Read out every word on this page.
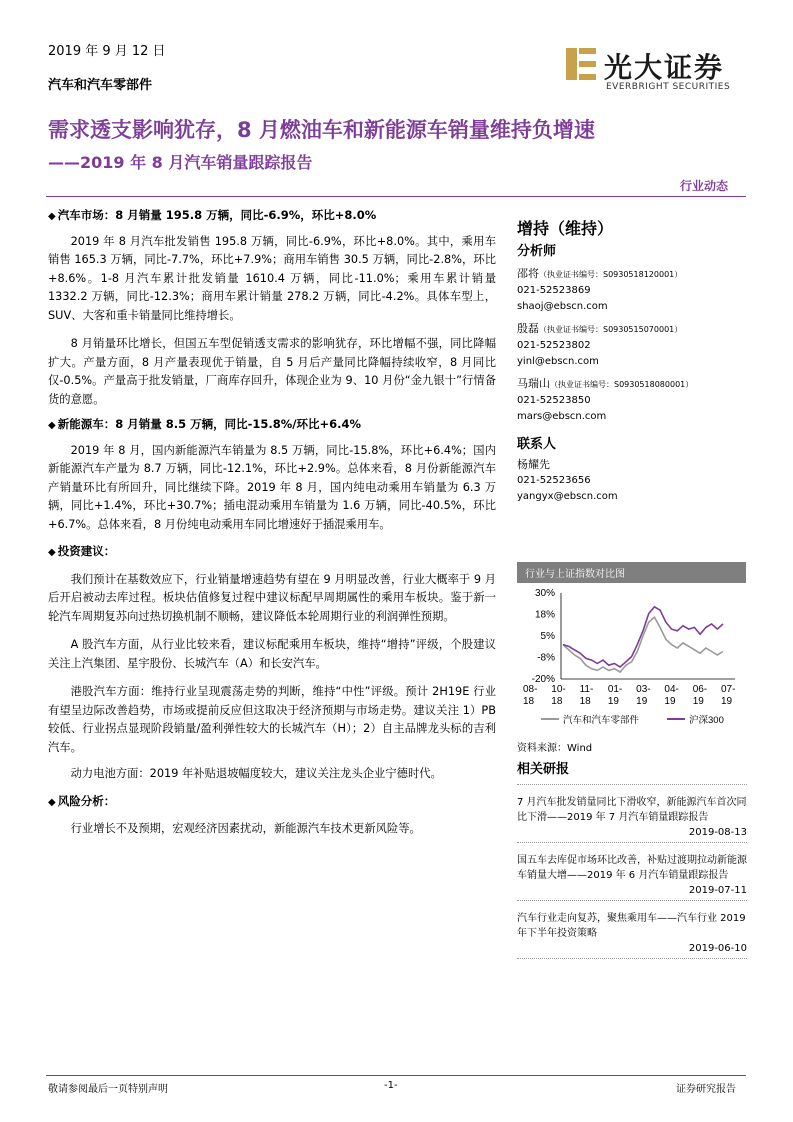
2019 年 9 月 12 日
汽车和汽车零部件
光大证券
EVERBRIGHT SECURITIES
需求透支影响犹存，8 月燃油车和新能源车销量维持负增速
——2019 年 8 月汽车销量跟踪报告
行业动态
◆ 汽车市场：8 月销量 195.8 万辆，同比-6.9%，环比+8.0%
2019 年 8 月汽车批发销售 195.8 万辆，同比-6.9%，环比+8.0%。其中，乘用车销售 165.3 万辆，同比-7.7%，环比+7.9%；商用车销售 30.5 万辆，同比-2.8%，环比+8.6%。1-8 月汽车累计批发销量 1610.4 万辆，同比-11.0%；乘用车累计销量 1332.2 万辆，同比-12.3%；商用车累计销量 278.2 万辆，同比-4.2%。具体车型上，SUV、大客和重卡销量同比维持增长。
8 月销量环比增长，但国五车型促销透支需求的影响犹存，环比增幅不强，同比降幅扩大。产量方面，8 月产量表现优于销量，自 5 月后产量同比降幅持续收窄，8 月同比仅-0.5%。产量高于批发销量，厂商库存回升，体现企业为 9、10 月份“金九银十”行情备货的意愿。
◆ 新能源车：8 月销量 8.5 万辆，同比-15.8%/环比+6.4%
2019 年 8 月，国内新能源汽车销量为 8.5 万辆，同比-15.8%，环比+6.4%；国内新能源汽车产量为 8.7 万辆，同比-12.1%，环比+2.9%。总体来看，8 月份新能源汽车产销量环比有所回升，同比继续下降。2019 年 8 月，国内纯电动乘用车销量为 6.3 万辆，同比+1.4%，环比+30.7%；插电混动乘用车销量为 1.6 万辆，同比-40.5%，环比+6.7%。总体来看，8 月份纯电动乘用车同比增速好于插混乘用车。
◆ 投资建议：
我们预计在基数效应下，行业销量增速趋势有望在 9 月明显改善，行业大概率于 9 月后开启被动去库过程。板块估值修复过程中建议标配早周期属性的乘用车板块。鉴于新一轮汽车周期复苏向过热切换机制不顺畅，建议降低本轮周期行业的利润弹性预期。
A 股汽车方面，从行业比较来看，建议标配乘用车板块，维持“增持”评级，个股建议关注上汽集团、星宇股份、长城汽车（A）和长安汽车。
港股汽车方面：维持行业呈现震荡走势的判断，维持“中性”评级。预计 2H19E 行业有望呈边际改善趋势，市场或提前反应但这取决于经济预期与市场走势。建议关注 1）PB 较低、行业拐点显现阶段销量/盈利弹性较大的长城汽车（H）；2）自主品牌龙头标的吉利汽车。
动力电池方面：2019 年补贴退坡幅度较大，建议关注龙头企业宁德时代。
◆ 风险分析：
行业增长不及预期，宏观经济因素扰动，新能源汽车技术更新风险等。
增持（维持）
分析师
邵将（执业证书编号：S0930518120001）
021-52523869
shaoj@ebscn.com
殷磊（执业证书编号：S0930515070001）
021-52523802
yinl@ebscn.com
马瑞山（执业证书编号：S0930518080001）
021-52523850
mars@ebscn.com
联系人
杨耀先
021-52523656
yangyx@ebscn.com
行业与上证指数对比图
-20%
-8%
5%
18%
30%
08-
18
10-
18
11-
18
01-
19
03-
19
04-
19
06-
19
07-
19
汽车和汽车零部件	沪深300
资料来源：Wind
相关研报
7 月汽车批发销量同比下滑收窄，新能源汽车首次同比下滑——2019 年 7 月汽车销量跟踪报告
2019-08-13
国五车去库促市场环比改善，补贴过渡期拉动新能源车销量大增——2019 年 6 月汽车销量跟踪报告
2019-07-11
汽车行业走向复苏，聚焦乘用车——汽车行业 2019 年下半年投资策略
2019-06-10
敬请参阅最后一页特别声明	-1-	证券研究报告
